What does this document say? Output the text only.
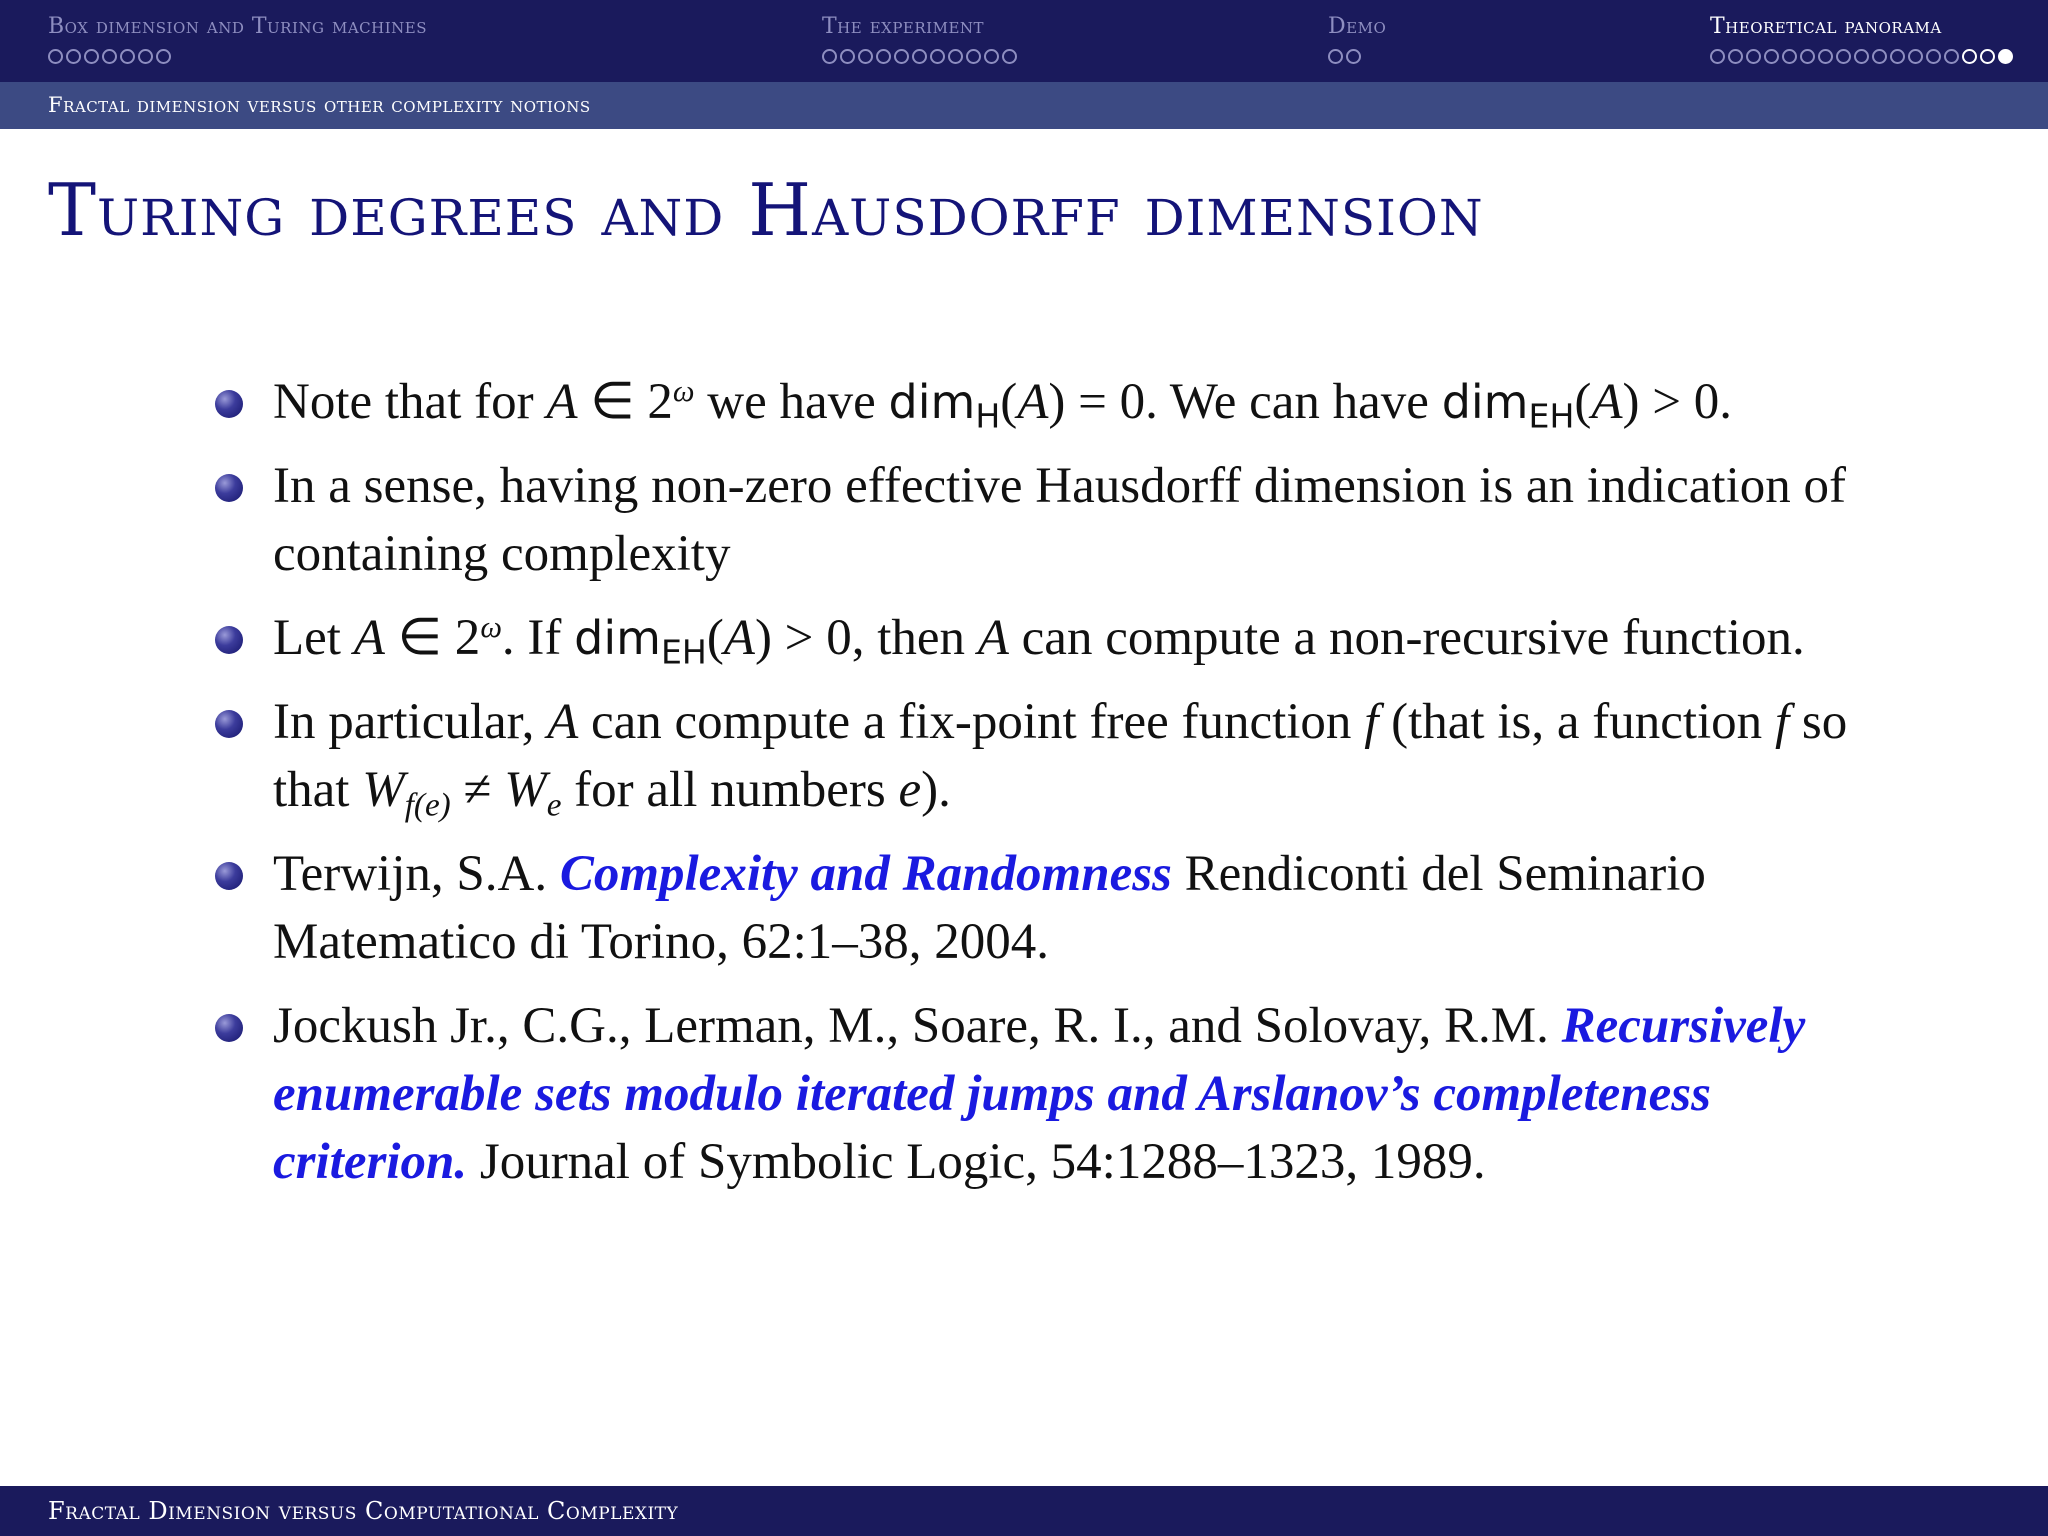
Box dimension and Turing machines	The experiment	Demo	Theoretical panorama
Fractal dimension versus other complexity notions
Turing degrees and Hausdorff dimension
Note that for A ∈ $2^\omega$ we have dim$_H$(A) = 0. We can have dim$_{EH}$(A) > 0.
In a sense, having non-zero effective Hausdorff dimension is an indication of containing complexity
Let A ∈ $2^\omega$. If dim$_{EH}$(A) > 0, then A can compute a non-recursive function.
In particular, A can compute a fix-point free function f (that is, a function f so that $W_{f(e)} \ne W_e$ for all numbers e).
Terwijn, S.A. Complexity and Randomness Rendiconti del Seminario Matematico di Torino, 62:1–38, 2004.
Jockush Jr., C.G., Lerman, M., Soare, R. I., and Solovay, R.M. Recursively enumerable sets modulo iterated jumps and Arslanov’s completeness criterion. Journal of Symbolic Logic, 54:1288–1323, 1989.
Fractal Dimension versus Computational Complexity
